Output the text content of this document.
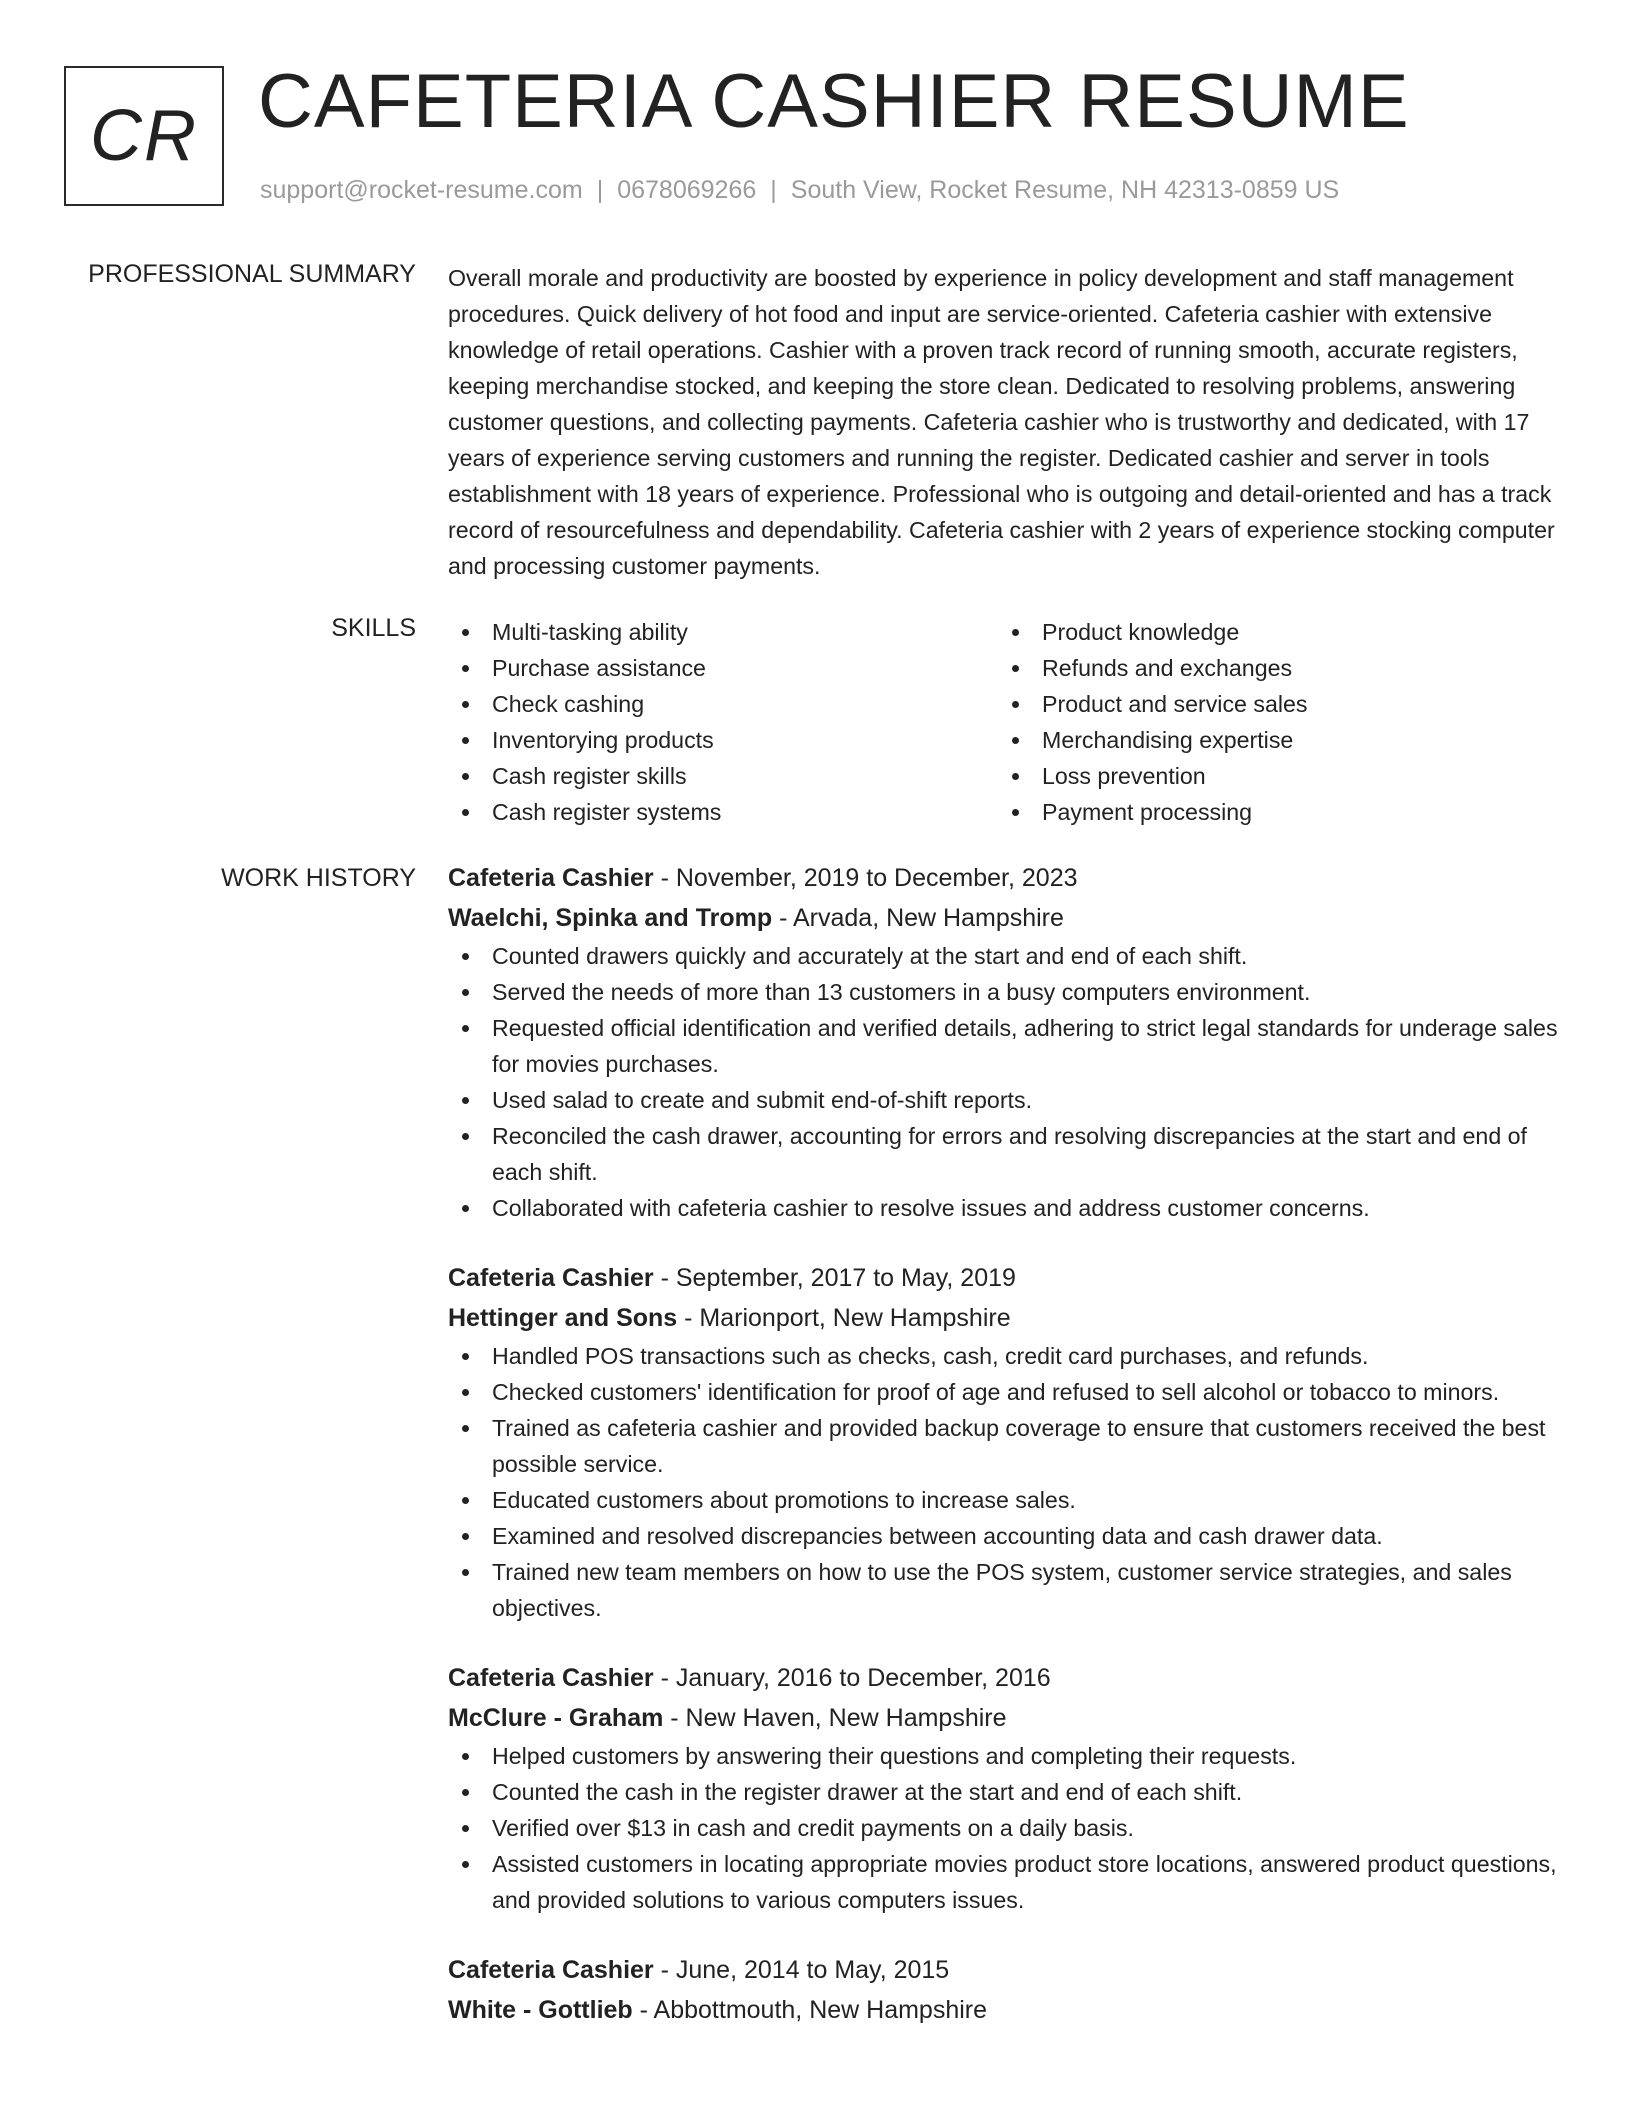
CR CAFETERIA CASHIER RESUME
support@rocket-resume.com | 0678069266 | South View, Rocket Resume, NH 42313-0859 US
PROFESSIONAL SUMMARY Overall morale and productivity are boosted by experience in policy development and staff management procedures. Quick delivery of hot food and input are service-oriented. Cafeteria cashier with extensive knowledge of retail operations. Cashier with a proven track record of running smooth, accurate registers, keeping merchandise stocked, and keeping the store clean. Dedicated to resolving problems, answering customer questions, and collecting payments. Cafeteria cashier who is trustworthy and dedicated, with 17 years of experience serving customers and running the register. Dedicated cashier and server in tools establishment with 18 years of experience. Professional who is outgoing and detail-oriented and has a track record of resourcefulness and dependability. Cafeteria cashier with 2 years of experience stocking computer and processing customer payments.

SKILLS	Multi-tasking ability
Purchase assistance
Check cashing
Inventorying products
Cash register skills
Cash register systems
Product knowledge
Refunds and exchanges
Product and service sales
Merchandising expertise
Loss prevention
Payment processing
WORK HISTORY Cafeteria Cashier - November, 2019 to December, 2023
Waelchi, Spinka and Tromp - Arvada, New Hampshire
Counted drawers quickly and accurately at the start and end of each shift.
Served the needs of more than 13 customers in a busy computers environment.
Requested official identification and verified details, adhering to strict legal standards for underage sales for movies purchases.
Used salad to create and submit end-of-shift reports.
Reconciled the cash drawer, accounting for errors and resolving discrepancies at the start and end of each shift.
Collaborated with cafeteria cashier to resolve issues and address customer concerns.
Cafeteria Cashier - September, 2017 to May, 2019
Hettinger and Sons - Marionport, New Hampshire
Handled POS transactions such as checks, cash, credit card purchases, and refunds.
Checked customers' identification for proof of age and refused to sell alcohol or tobacco to minors.
Trained as cafeteria cashier and provided backup coverage to ensure that customers received the best possible service.
Educated customers about promotions to increase sales.
Examined and resolved discrepancies between accounting data and cash drawer data.
Trained new team members on how to use the POS system, customer service strategies, and sales objectives.
Cafeteria Cashier - January, 2016 to December, 2016
McClure - Graham - New Haven, New Hampshire
Helped customers by answering their questions and completing their requests.
Counted the cash in the register drawer at the start and end of each shift.
Verified over $13 in cash and credit payments on a daily basis.
Assisted customers in locating appropriate movies product store locations, answered product questions, and provided solutions to various computers issues.
Cafeteria Cashier - June, 2014 to May, 2015
White - Gottlieb - Abbottmouth, New Hampshire
